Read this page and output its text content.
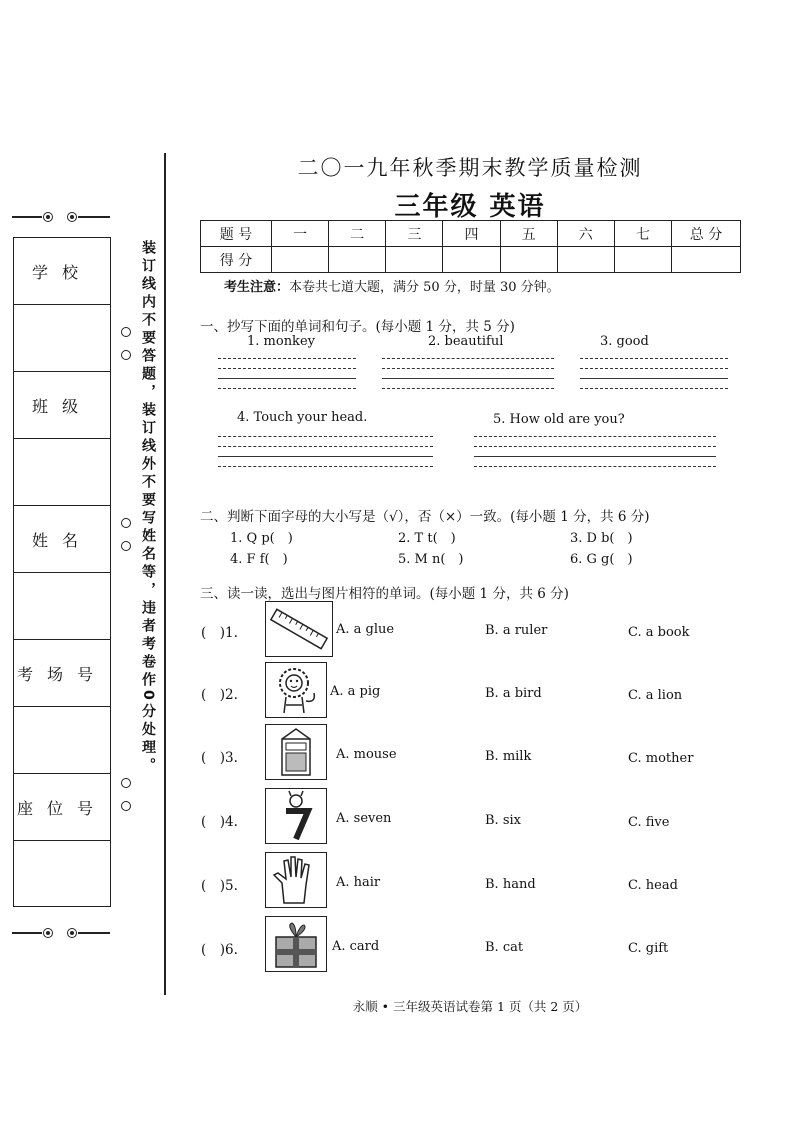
学校
班级
姓名
考场号
座位号
装订线内不要答题，装订线外不要写姓名等，违者考卷作0分处理。
二〇一九年秋季期末教学质量检测
三年级 英语
题 号	一	二	三	四	五	六	七	总 分
得 分								
考生注意：本卷共七道大题，满分 50 分，时量 30 分钟。
一、抄写下面的单词和句子。(每小题 1 分，共 5 分)
1. monkey	2. beautiful	3. good
4. Touch your head.	5. How old are you?
二、判断下面字母的大小写是（√），否（×）一致。(每小题 1 分，共 6 分)
1. Q p(　)	2. T t(　)	3. D b(　)
4. F f(　)	5. M n(　)	6. G g(　)
三、读一读，选出与图片相符的单词。(每小题 1 分，共 6 分)
(　)1.	A. a glue	B. a ruler	C. a book
(　)2.	A. a pig	B. a bird	C. a lion
(　)3.	A. mouse	B. milk	C. mother
(　)4.	A. seven	B. six	C. five
(　)5.	A. hair	B. hand	C. head
(　)6.	A. card	B. cat	C. gift
永顺 • 三年级英语试卷第 1 页（共 2 页）
